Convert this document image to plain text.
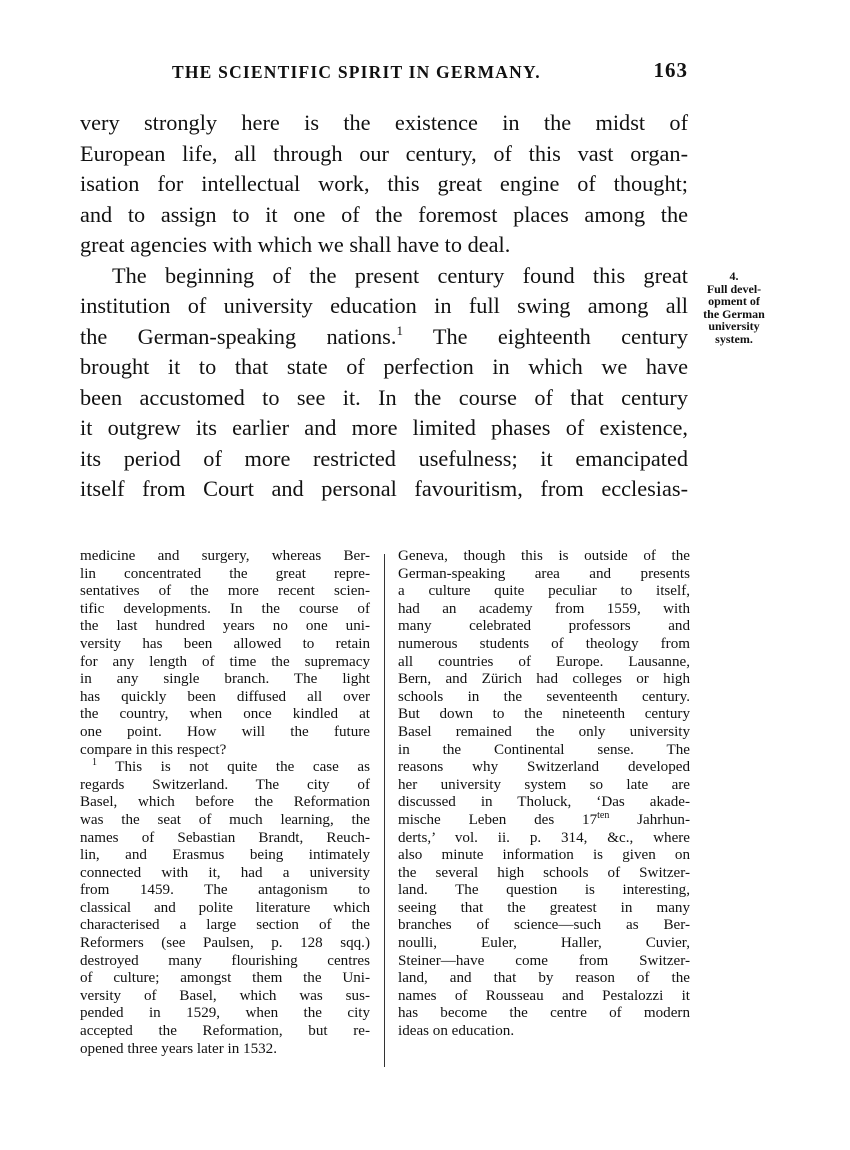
THE SCIENTIFIC SPIRIT IN GERMANY.	163
very strongly here is the existence in the midst of
European life, all through our century, of this vast organ-
isation for intellectual work, this great engine of thought;
and to assign to it one of the foremost places among the
great agencies with which we shall have to deal.
The beginning of the present century found this great
institution of university education in full swing among all
the German-speaking nations.$^1$ The eighteenth century
brought it to that state of perfection in which we have
been accustomed to see it. In the course of that century
it outgrew its earlier and more limited phases of existence,
its period of more restricted usefulness; it emancipated
itself from Court and personal favouritism, from ecclesias-
4.
Full devel-
opment of
the German
university
system.
medicine and surgery, whereas Ber-
lin concentrated the great repre-
sentatives of the more recent scien-
tific developments. In the course of
the last hundred years no one uni-
versity has been allowed to retain
for any length of time the supremacy
in any single branch. The light
has quickly been diffused all over
the country, when once kindled at
one point. How will the future
compare in this respect?
$^1$ This is not quite the case as
regards Switzerland. The city of
Basel, which before the Reformation
was the seat of much learning, the
names of Sebastian Brandt, Reuch-
lin, and Erasmus being intimately
connected with it, had a university
from 1459. The antagonism to
classical and polite literature which
characterised a large section of the
Reformers (see Paulsen, p. 128 sqq.)
destroyed many flourishing centres
of culture; amongst them the Uni-
versity of Basel, which was sus-
pended in 1529, when the city
accepted the Reformation, but re-
opened three years later in 1532.
Geneva, though this is outside of the
German-speaking area and presents
a culture quite peculiar to itself,
had an academy from 1559, with
many celebrated professors and
numerous students of theology from
all countries of Europe. Lausanne,
Bern, and Zürich had colleges or high
schools in the seventeenth century.
But down to the nineteenth century
Basel remained the only university
in the Continental sense. The
reasons why Switzerland developed
her university system so late are
discussed in Tholuck, ‘Das akade-
mische Leben des $17^{ten}$ Jahrhun-
derts,’ vol. ii. p. 314, &c., where
also minute information is given on
the several high schools of Switzer-
land. The question is interesting,
seeing that the greatest in many
branches of science—such as Ber-
noulli, Euler, Haller, Cuvier,
Steiner—have come from Switzer-
land, and that by reason of the
names of Rousseau and Pestalozzi it
has become the centre of modern
ideas on education.
